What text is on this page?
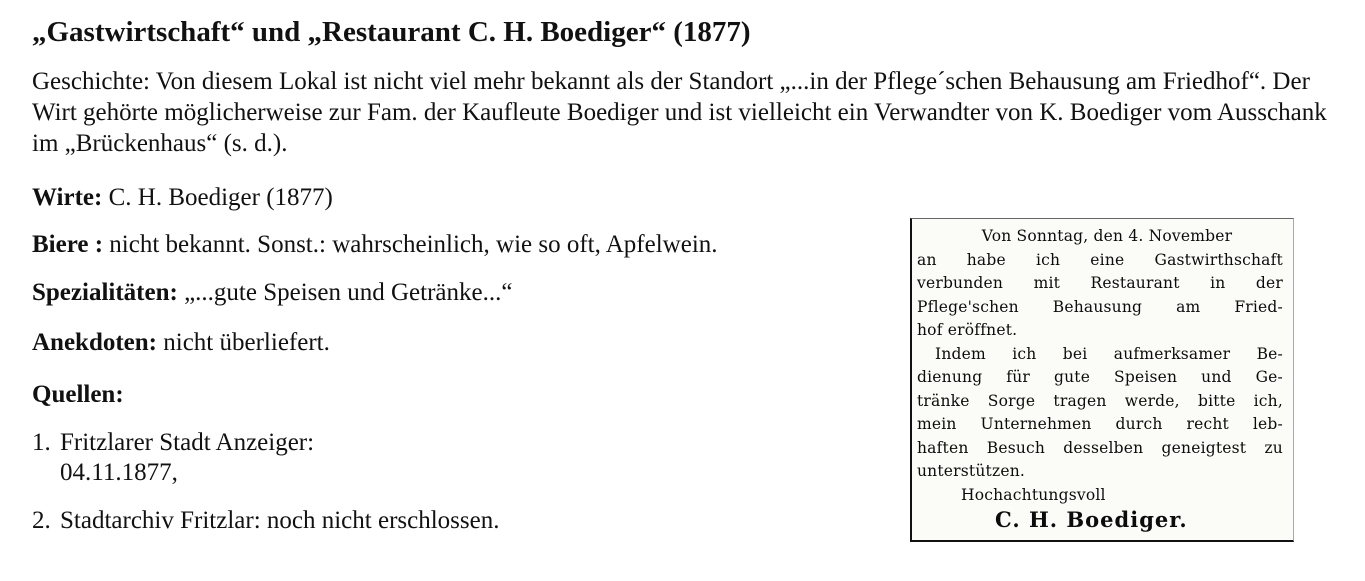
„Gastwirtschaft“ und „Restaurant C. H. Boediger“ (1877)

Geschichte: Von diesem Lokal ist nicht viel mehr bekannt als der Standort „...in der Pflege´schen Behausung am Friedhof“. Der Wirt gehörte möglicherweise zur Fam. der Kaufleute Boediger und ist vielleicht ein Verwandter von K. Boediger vom Ausschank im „Brückenhaus“ (s. d.).

Wirte: C. H. Boediger (1877)
Biere : nicht bekannt. Sonst.: wahrscheinlich, wie so oft, Apfelwein.
Spezialitäten: „...gute Speisen und Getränke...“
Anekdoten: nicht überliefert.
Quellen:
1. Fritzlarer Stadt Anzeiger:
04.11.1877,
2. Stadtarchiv Fritzlar: noch nicht erschlossen.
Von Sonntag, den 4. November
an habe ich eine Gastwirthschaft
verbunden mit Restaurant in der
Pflege'schen Behausung am Fried-
hof eröffnet.
Indem ich bei aufmerksamer Be-
dienung für gute Speisen und Ge-
tränke Sorge tragen werde, bitte ich,
mein Unternehmen durch recht leb-
haften Besuch desselben geneigtest zu
unterstützen.
Hochachtungsvoll
C. H. Boediger.
